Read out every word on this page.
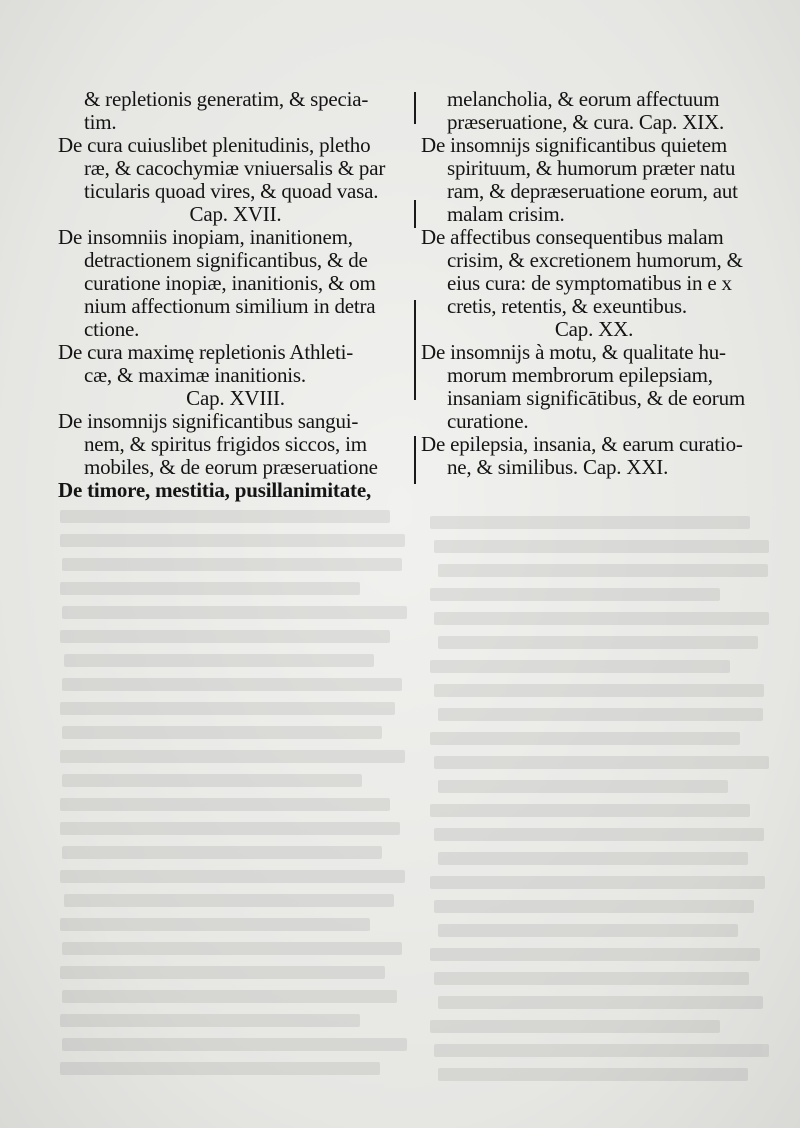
& repletionis generatim, & specia-
tim.
De cura cuiuslibet plenitudinis, pletho
ræ, & cacochymiæ vniuersalis & par
ticularis quoad vires, & quoad vasa.
Cap. XVII.
De insomniis inopiam, inanitionem,
detractionem significantibus, & de
curatione inopiæ, inanitionis, & om
nium affectionum similium in detra
ctione.
De cura maximę repletionis Athleti-
cæ, & maximæ inanitionis.
Cap. XVIII.
De insomnijs significantibus sangui-
nem, & spiritus frigidos siccos, im
mobiles, & de eorum præseruatione
De timore, mestitia, pusillanimitate,
melancholia, & eorum affectuum
præseruatione, & cura. Cap. XIX.
De insomnijs significantibus quietem
spirituum, & humorum præter natu
ram, & depræseruatione eorum, aut
malam crisim.
De affectibus consequentibus malam
crisim, & excretionem humorum, &
eius cura: de symptomatibus in e x
cretis, retentis, & exeuntibus.
Cap. XX.
De insomnijs à motu, & qualitate hu-
morum membrorum epilepsiam,
insaniam significātibus, & de eorum
curatione.
De epilepsia, insania, & earum curatio-
ne, & similibus. Cap. XXI.
